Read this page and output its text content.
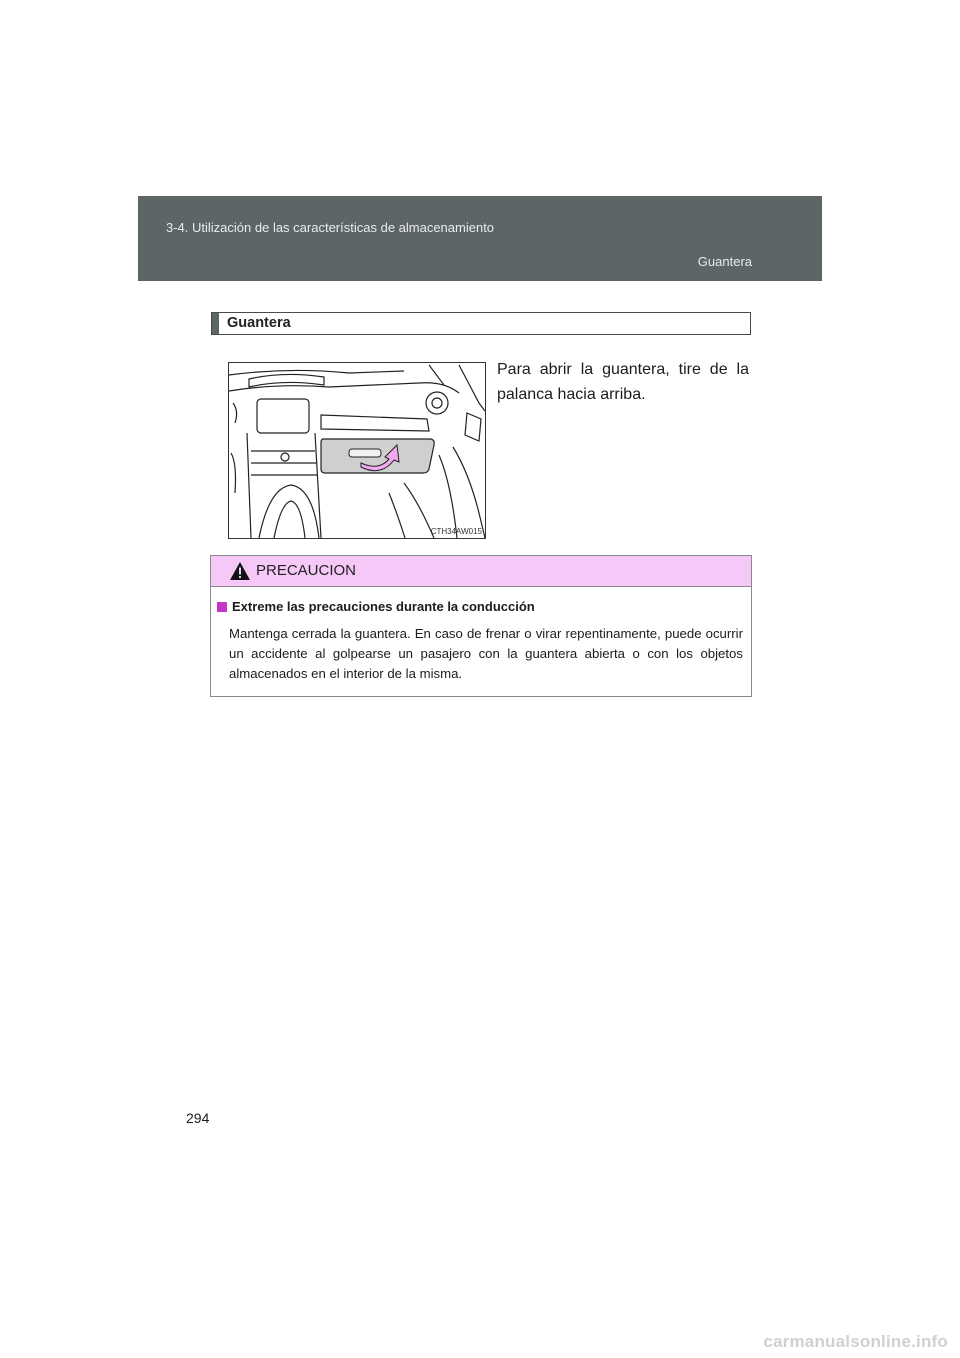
3-4. Utilización de las características de almacenamiento
Guantera
Guantera
CTH34AW015
Para abrir la guantera, tire de la palanca hacia arriba.
PRECAUCION
Extreme las precauciones durante la conducción
Mantenga cerrada la guantera. En caso de frenar o virar repentinamente, puede ocurrir un accidente al golpearse un pasajero con la guantera abierta o con los objetos almacenados en el interior de la misma.
294
carmanualsonline.info
